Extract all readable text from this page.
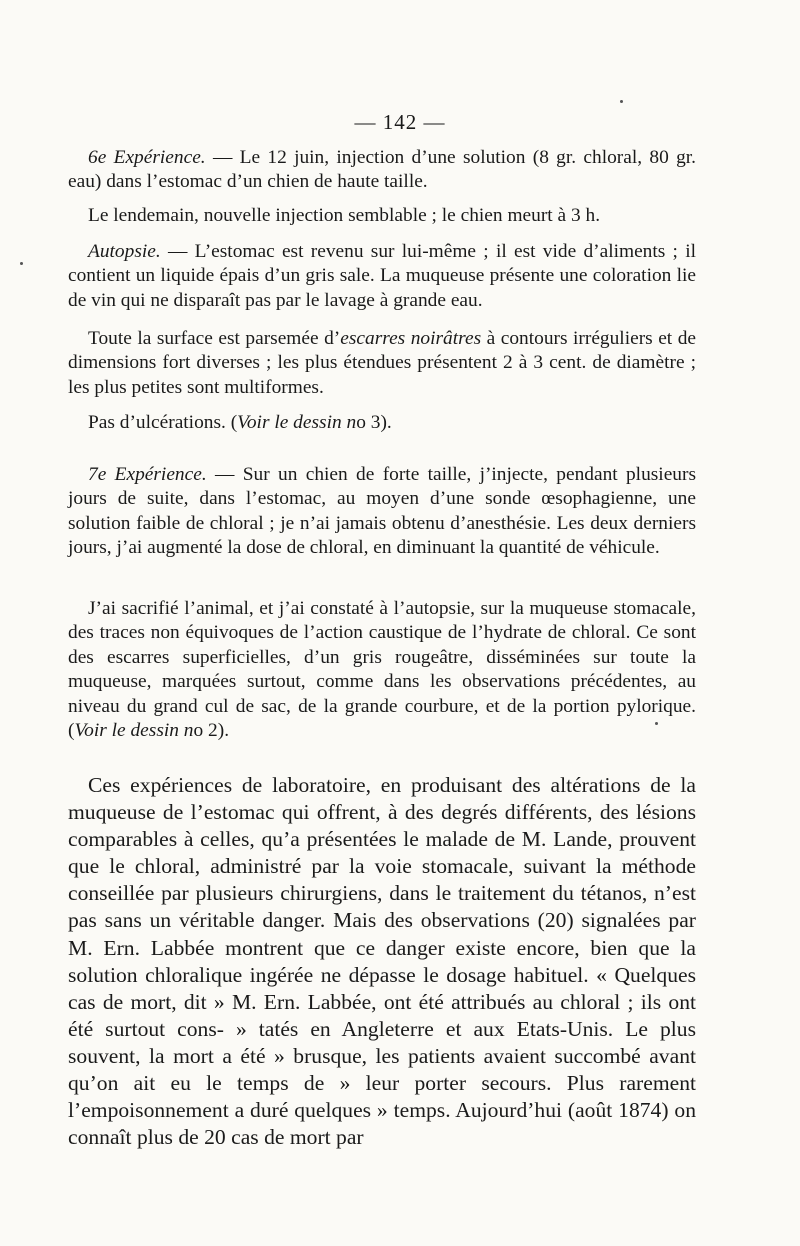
— 142 —

6e Expérience. — Le 12 juin, injection d’une solution (8 gr. chloral, 80 gr. eau) dans l’estomac d’un chien de haute taille.

Le lendemain, nouvelle injection semblable ; le chien meurt à 3 h.

Autopsie. — L’estomac est revenu sur lui-même ; il est vide d’aliments ; il contient un liquide épais d’un gris sale. La muqueuse présente une coloration lie de vin qui ne disparaît pas par le lavage à grande eau.

Toute la surface est parsemée d’escarres noirâtres à contours irréguliers et de dimensions fort diverses ; les plus étendues présentent 2 à 3 cent. de diamètre ; les plus petites sont multiformes.

Pas d’ulcérations. (Voir le dessin no 3).

7e Expérience. — Sur un chien de forte taille, j’injecte, pendant plusieurs jours de suite, dans l’estomac, au moyen d’une sonde œsophagienne, une solution faible de chloral ; je n’ai jamais obtenu d’anesthésie. Les deux derniers jours, j’ai augmenté la dose de chloral, en diminuant la quantité de véhicule.

J’ai sacrifié l’animal, et j’ai constaté à l’autopsie, sur la muqueuse stomacale, des traces non équivoques de l’action caustique de l’hydrate de chloral. Ce sont des escarres superficielles, d’un gris rougeâtre, disséminées sur toute la muqueuse, marquées surtout, comme dans les observations précédentes, au niveau du grand cul de sac, de la grande courbure, et de la portion pylorique. (Voir le dessin no 2).

Ces expériences de laboratoire, en produisant des altérations de la muqueuse de l’estomac qui offrent, à des degrés différents, des lésions comparables à celles, qu’a présentées le malade de M. Lande, prouvent que le chloral, administré par la voie stomacale, suivant la méthode conseillée par plusieurs chirurgiens, dans le traitement du tétanos, n’est pas sans un véritable danger. Mais des observations (20) signalées par M. Ern. Labbée montrent que ce danger existe encore, bien que la solution chloralique ingérée ne dépasse le dosage habituel. « Quelques cas de mort, dit » M. Ern. Labbée, ont été attribués au chloral ; ils ont été surtout cons- » tatés en Angleterre et aux Etats-Unis. Le plus souvent, la mort a été » brusque, les patients avaient succombé avant qu’on ait eu le temps de » leur porter secours. Plus rarement l’empoisonnement a duré quelques » temps. Aujourd’hui (août 1874) on connaît plus de 20 cas de mort par
